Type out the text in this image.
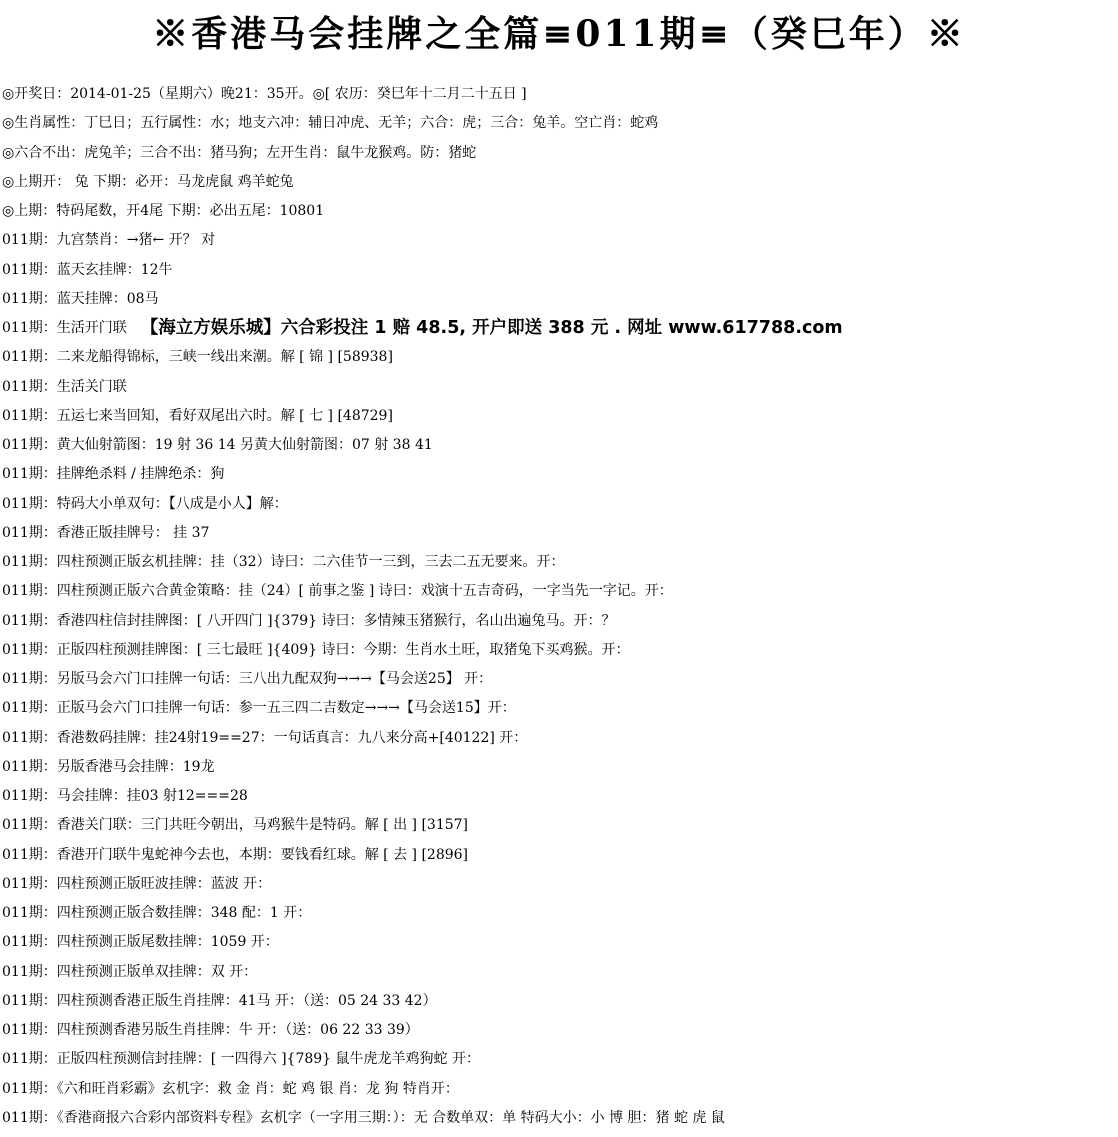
※香港马会挂牌之全篇≡011期≡（癸巳年）※
◎开奖日：2014-01-25（星期六）晚21：35开。◎[ 农历：癸巳年十二月二十五日 ]
◎生肖属性：丁巳日；五行属性：水；地支六冲：辅日冲虎、无羊；六合：虎；三合：兔羊。空亡肖：蛇鸡
◎六合不出：虎兔羊；三合不出：猪马狗；左开生肖：鼠牛龙猴鸡。防：猪蛇
◎上期开： 兔 下期：必开：马龙虎鼠 鸡羊蛇兔
◎上期：特码尾数，开4尾 下期：必出五尾：10801
011期：九宫禁肖：→猪← 开？ 对
011期：蓝天玄挂牌：12牛
011期：蓝天挂牌：08马
011期：生活开门联 【海立方娱乐城】六合彩投注 1 赔 48.5, 开户即送 388 元 . 网址 www.617788.com
011期：二来龙船得锦标，三峡一线出来潮。解 [ 锦 ] [58938]
011期：生活关门联
011期：五运七来当回知，看好双尾出六时。解 [ 七 ] [48729]
011期：黄大仙射箭图：19 射 36 14 另黄大仙射箭图：07 射 38 41
011期：挂牌绝杀料 / 挂牌绝杀：狗
011期：特码大小单双句：【八成是小人】解：
011期：香港正版挂牌号： 挂 37
011期：四柱预测正版玄机挂牌：挂（32）诗曰：二六佳节一三到，三去二五无要来。开：
011期：四柱预测正版六合黄金策略：挂（24）[ 前事之鉴 ] 诗曰：戏演十五吉奇码，一字当先一字记。开：
011期：香港四柱信封挂牌图：[ 八开四门 ]{379} 诗曰：多情辣玉猪猴行，名山出遍兔马。开：？
011期：正版四柱预测挂牌图：[ 三七最旺 ]{409} 诗曰：今期：生肖水土旺，取猪兔下买鸡猴。开：
011期：另版马会六门口挂牌一句话：三八出九配双狗→→→【马会送25】 开：
011期：正版马会六门口挂牌一句话：参一五三四二吉数定→→→【马会送15】开：
011期：香港数码挂牌：挂24射19==27：一句话真言：九八来分高+[40122] 开：
011期：另版香港马会挂牌：19龙
011期：马会挂牌：挂03 射12===28
011期：香港关门联：三门共旺今朝出，马鸡猴牛是特码。解 [ 出 ] [3157]
011期：香港开门联牛鬼蛇神今去也，本期：要钱看红球。解 [ 去 ] [2896]
011期：四柱预测正版旺波挂牌：蓝波 开：
011期：四柱预测正版合数挂牌：348 配：1 开：
011期：四柱预测正版尾数挂牌：1059 开：
011期：四柱预测正版单双挂牌：双 开：
011期：四柱预测香港正版生肖挂牌：41马 开：（送：05 24 33 42）
011期：四柱预测香港另版生肖挂牌：牛 开：（送：06 22 33 39）
011期：正版四柱预测信封挂牌：[ 一四得六 ]{789} 鼠牛虎龙羊鸡狗蛇 开：
011期：《六和旺肖彩霸》玄机字：救 金 肖：蛇 鸡 银 肖：龙 狗 特肖开：
011期：《香港商报六合彩内部资料专程》玄机字（一字用三期：）：无 合数单双：单 特码大小：小 博 胆：猪 蛇 虎 鼠
